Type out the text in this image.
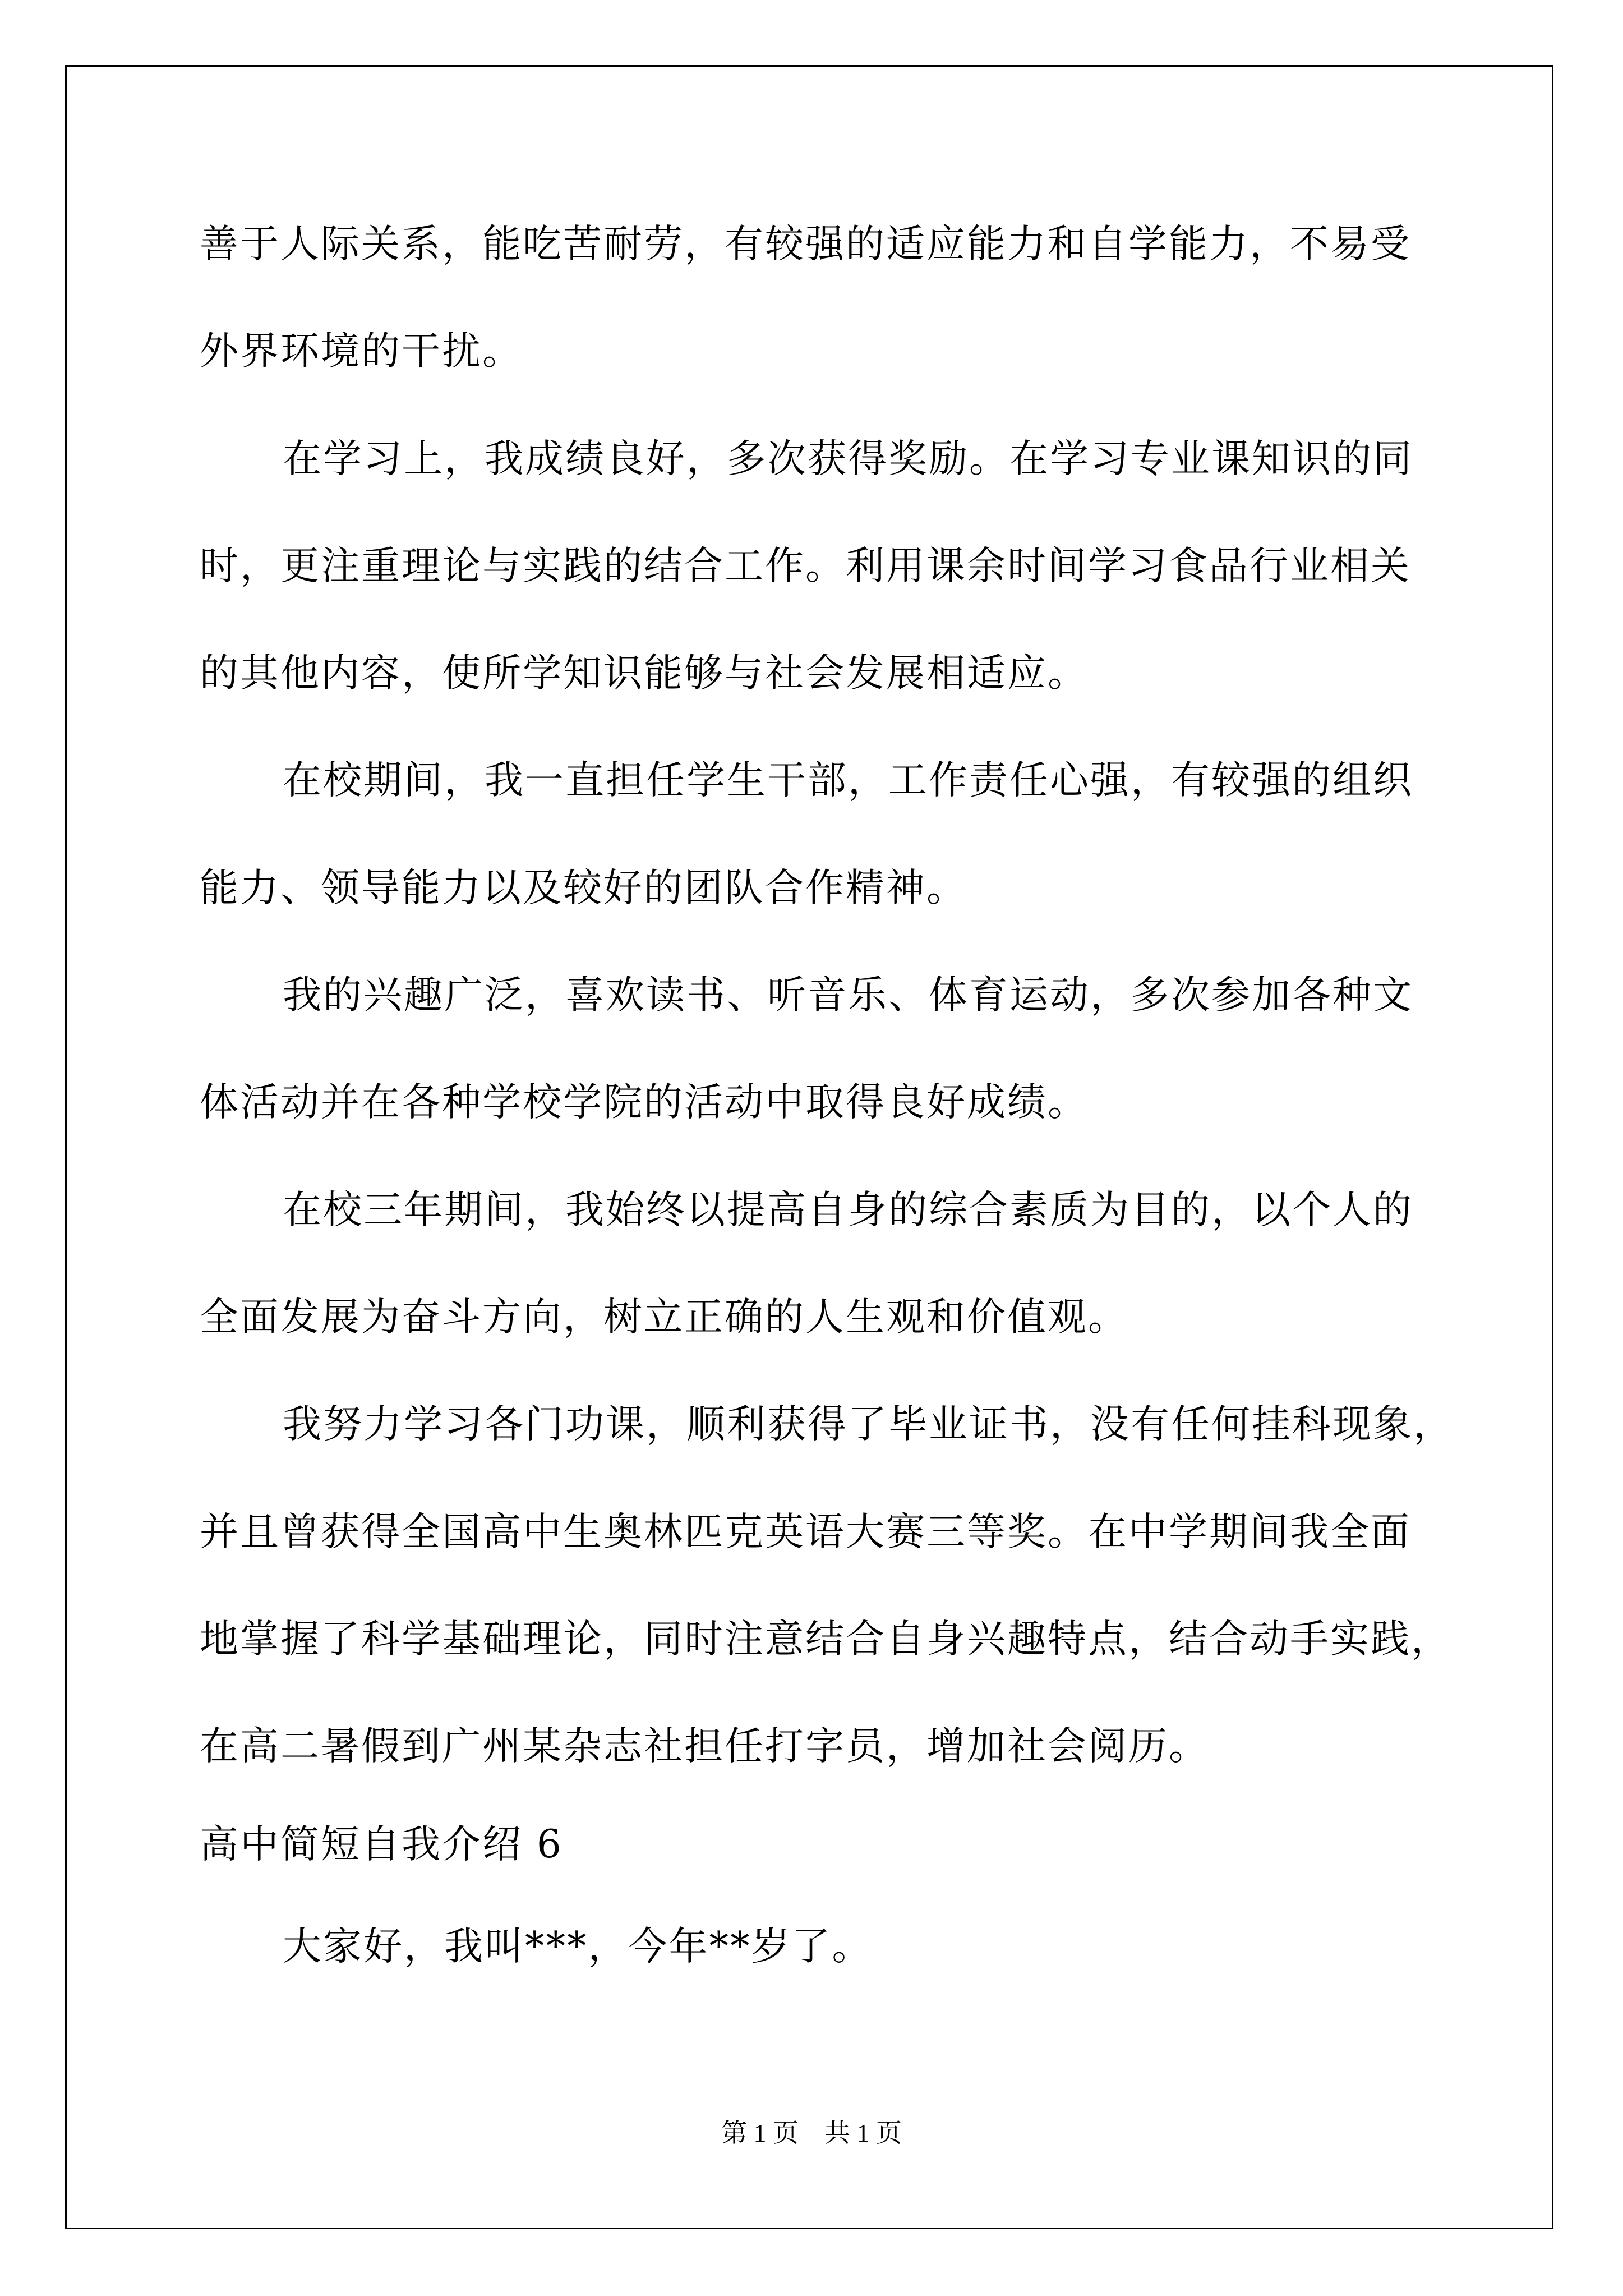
善于人际关系，能吃苦耐劳，有较强的适应能力和自学能力，不易受
外界环境的干扰。
在学习上，我成绩良好，多次获得奖励。在学习专业课知识的同
时，更注重理论与实践的结合工作。利用课余时间学习食品行业相关
的其他内容，使所学知识能够与社会发展相适应。
在校期间，我一直担任学生干部，工作责任心强，有较强的组织
能力、领导能力以及较好的团队合作精神。
我的兴趣广泛，喜欢读书、听音乐、体育运动，多次参加各种文
体活动并在各种学校学院的活动中取得良好成绩。
在校三年期间，我始终以提高自身的综合素质为目的，以个人的
全面发展为奋斗方向，树立正确的人生观和价值观。
我努力学习各门功课，顺利获得了毕业证书，没有任何挂科现象，
并且曾获得全国高中生奥林匹克英语大赛三等奖。在中学期间我全面
地掌握了科学基础理论，同时注意结合自身兴趣特点，结合动手实践，
在高二暑假到广州某杂志社担任打字员，增加社会阅历。
高中简短自我介绍 6
大家好，我叫***，今年**岁了。
第 1 页　共 1 页
